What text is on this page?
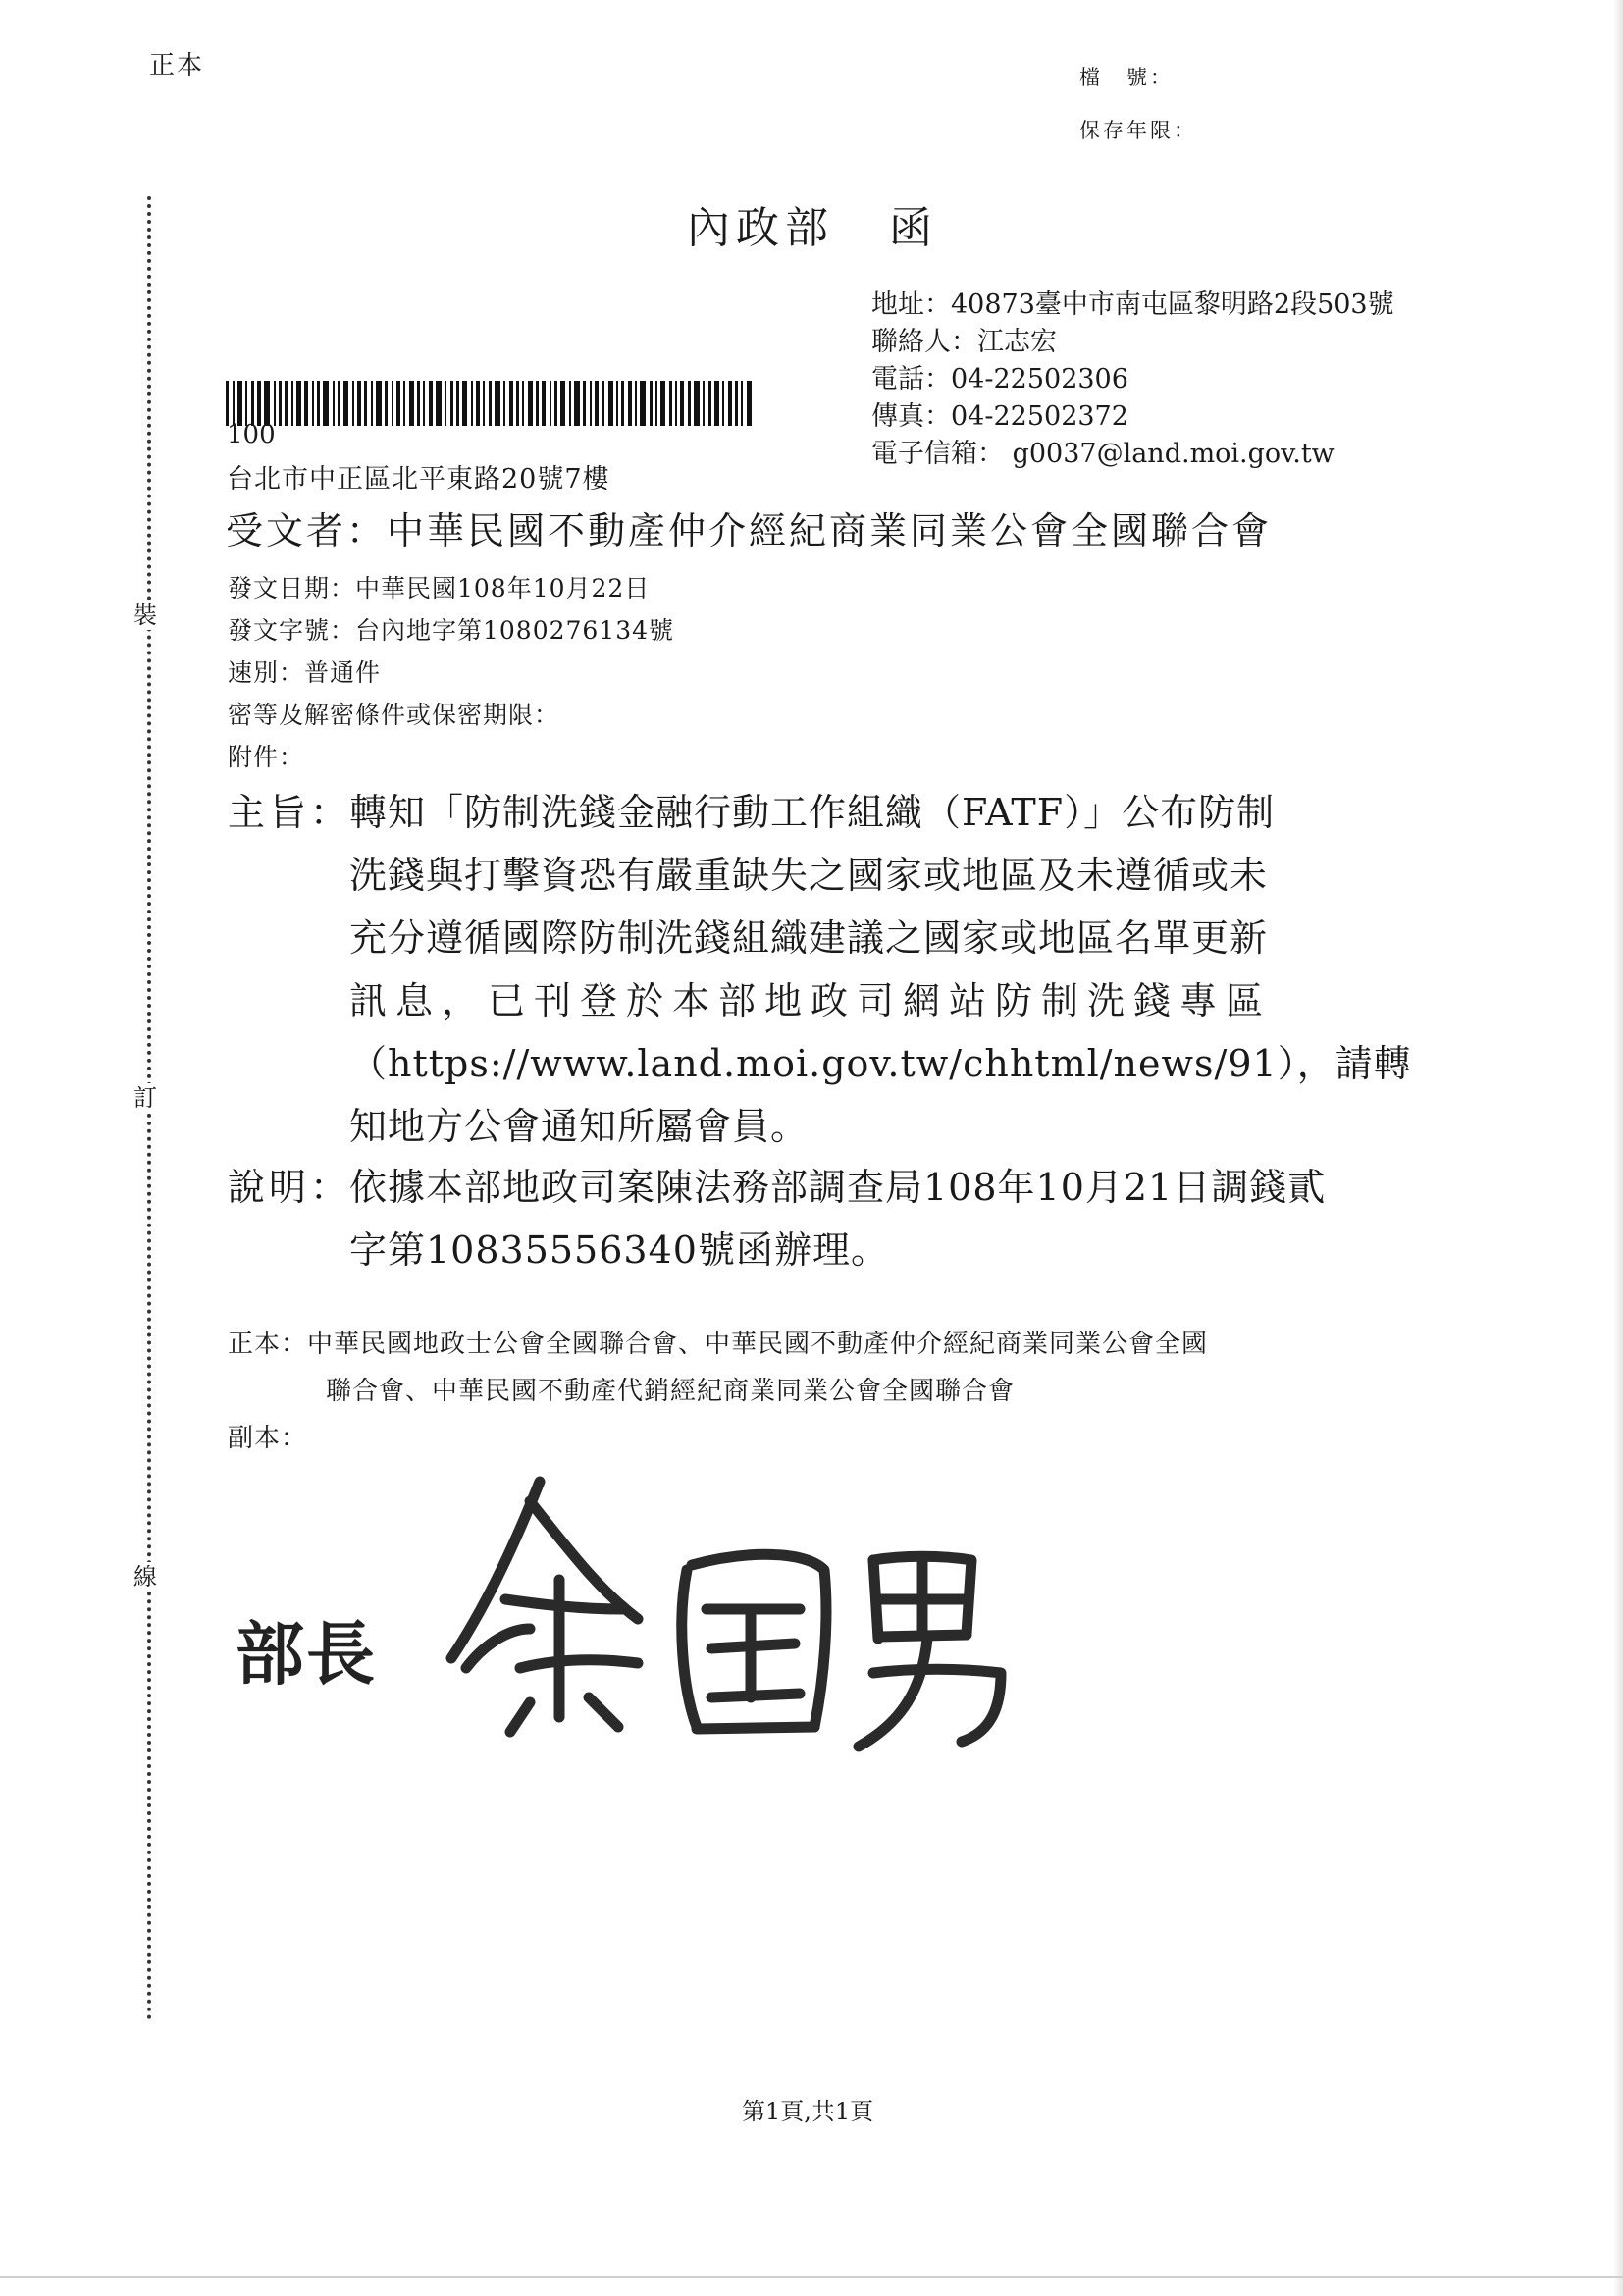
正本	檔　號：
保存年限：
裝
訂
線
內政部 函
地址：40873臺中市南屯區黎明路2段503號
聯絡人：江志宏
電話：04-22502306
傳真：04-22502372
電子信箱： g0037@land.moi.gov.tw
100
台北市中正區北平東路20號7樓
受文者：中華民國不動產仲介經紀商業同業公會全國聯合會
發文日期：中華民國108年10月22日
發文字號：台內地字第1080276134號
速別：普通件
密等及解密條件或保密期限：
附件：
主旨：轉知「防制洗錢金融行動工作組織（FATF）」公布防制
洗錢與打擊資恐有嚴重缺失之國家或地區及未遵循或未
充分遵循國際防制洗錢組織建議之國家或地區名單更新
訊息，已刊登於本部地政司網站防制洗錢專區
（https://www.land.moi.gov.tw/chhtml/news/91），請轉
知地方公會通知所屬會員。
說明：依據本部地政司案陳法務部調查局108年10月21日調錢貳
字第10835556340號函辦理。
正本：中華民國地政士公會全國聯合會、中華民國不動產仲介經紀商業同業公會全國
聯合會、中華民國不動產代銷經紀商業同業公會全國聯合會
副本：
部長
徐國勇
第1頁,共1頁
